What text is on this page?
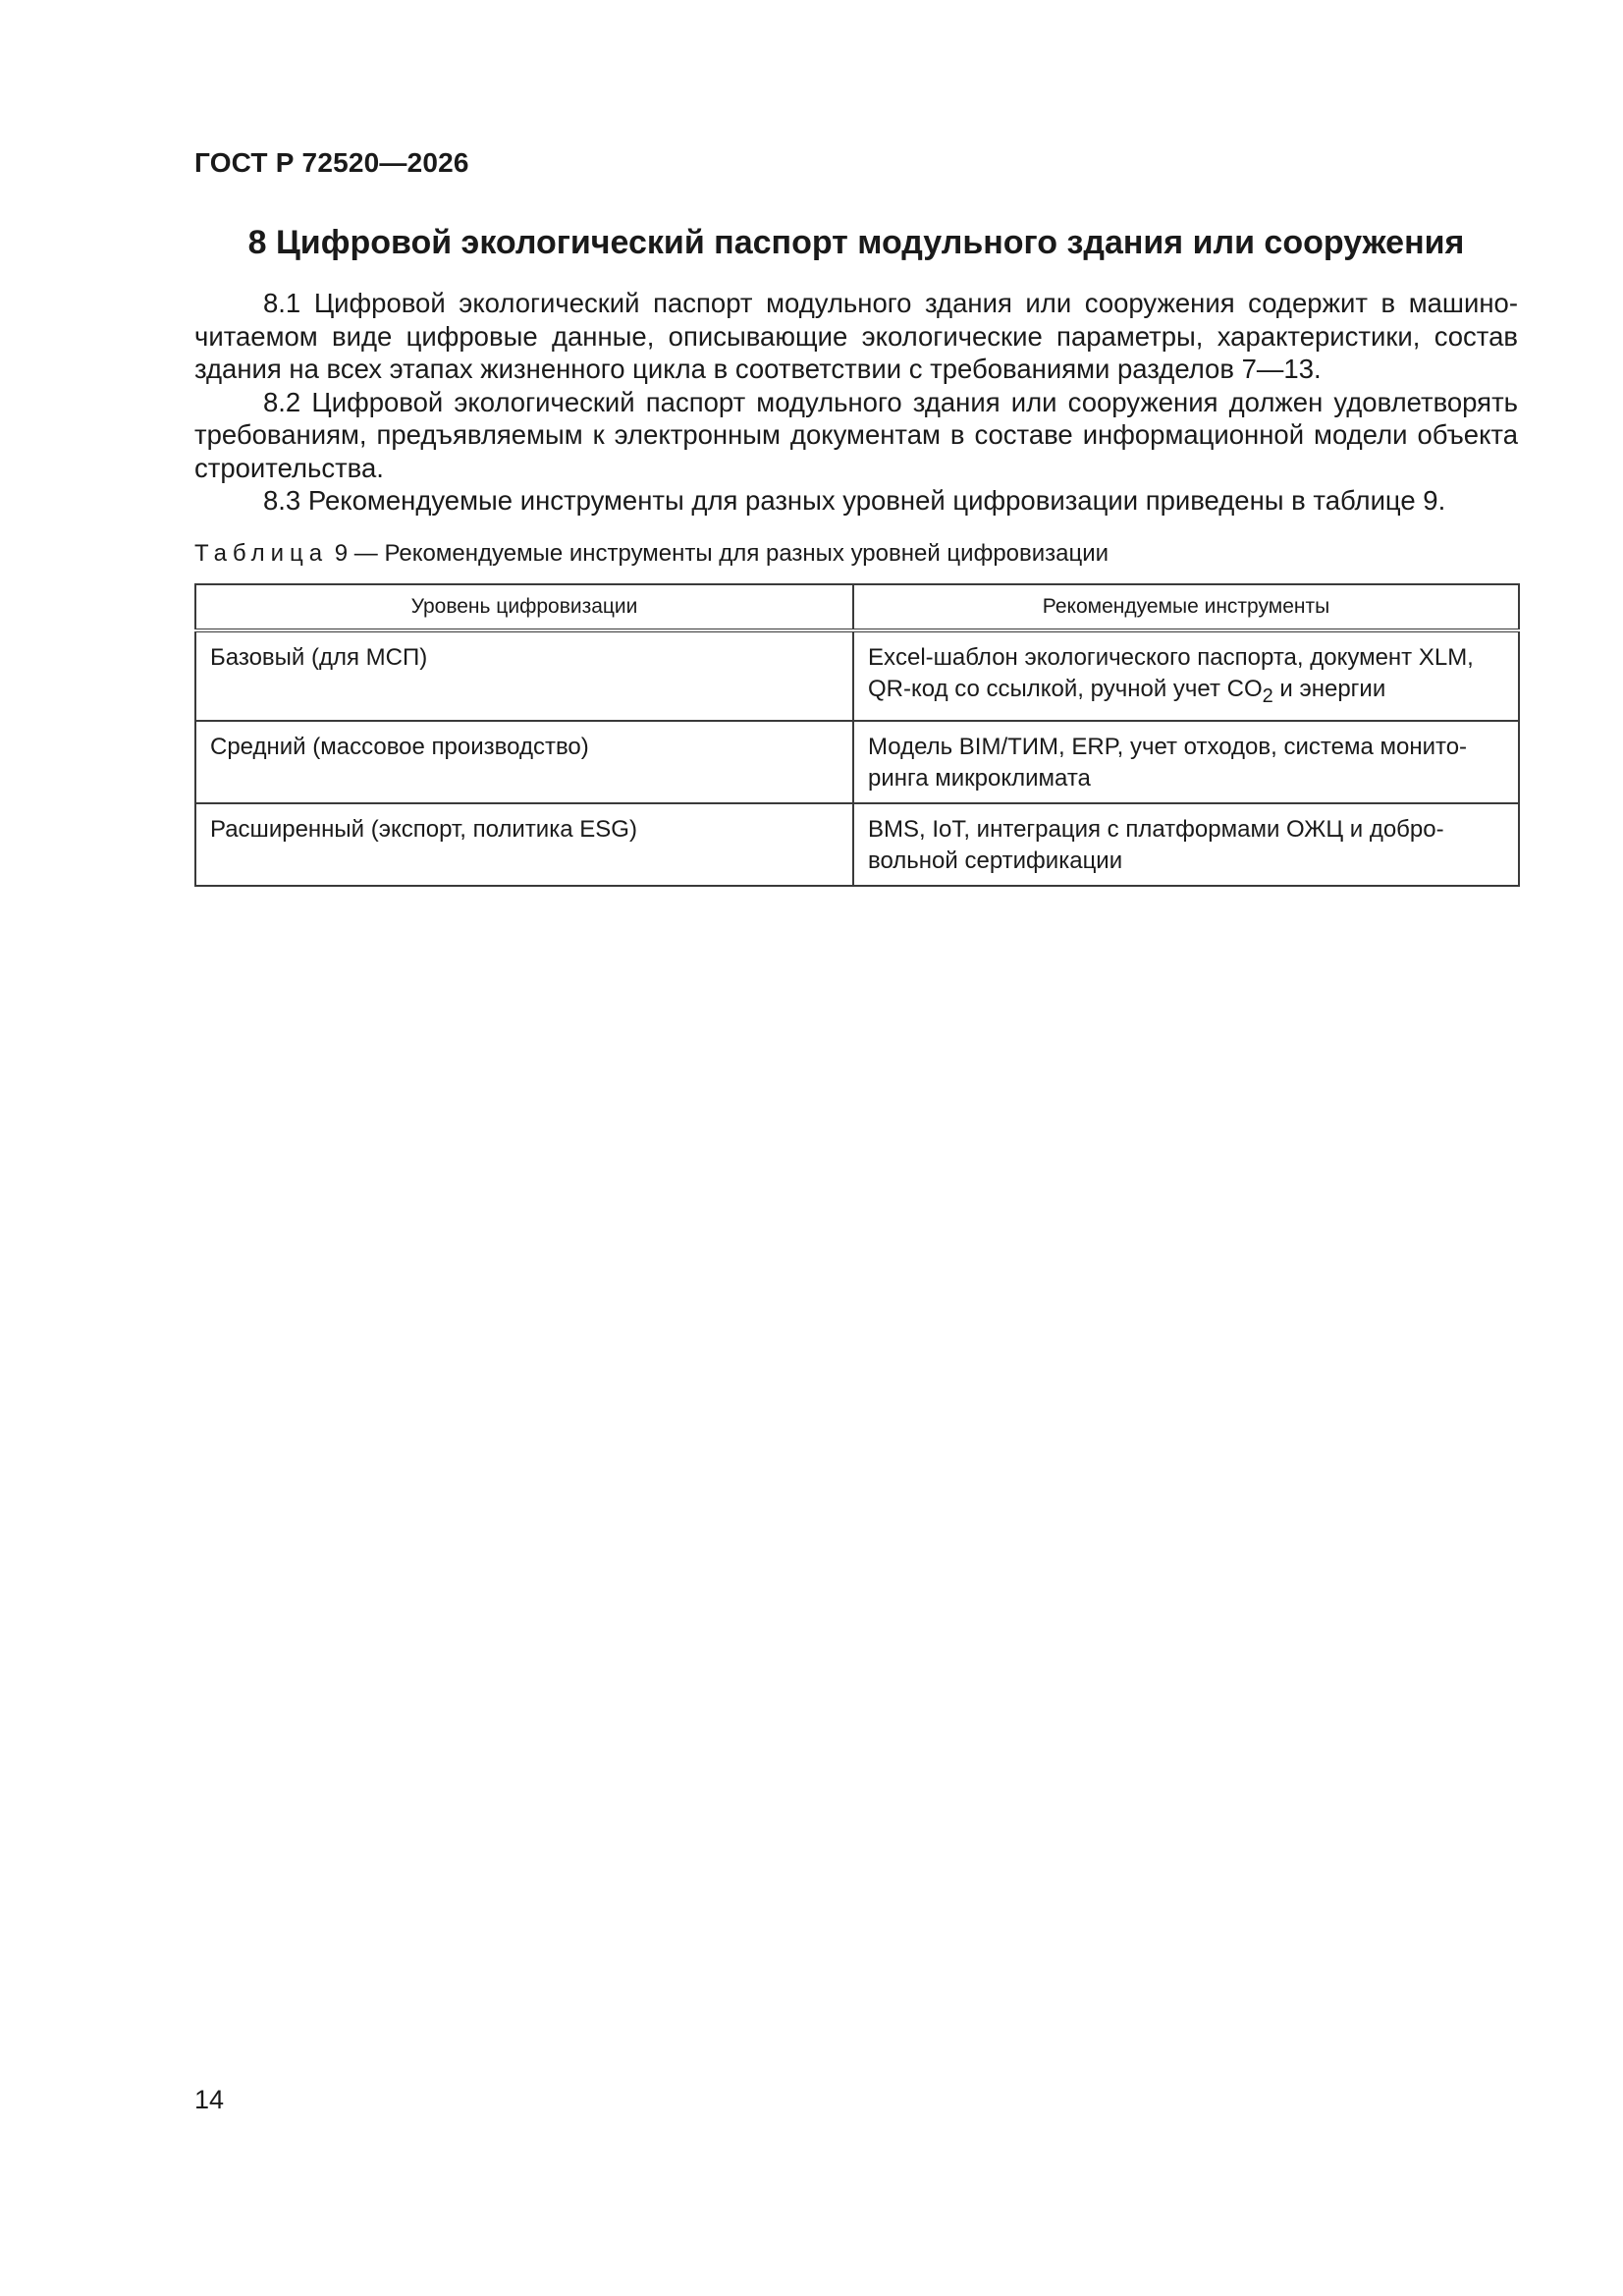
ГОСТ Р 72520—2026
8 Цифровой экологический паспорт модульного здания или сооружения

8.1 Цифровой экологический паспорт модульного здания или сооружения содержит в машиночитаемом виде цифровые данные, описывающие экологические параметры, характеристики, состав здания на всех этапах жизненного цикла в соответствии с требованиями разделов 7—13.

8.2 Цифровой экологический паспорт модульного здания или сооружения должен удовлетворять требованиям, предъявляемым к электронным документам в составе информационной модели объекта строительства.

8.3 Рекомендуемые инструменты для разных уровней цифровизации приведены в таблице 9.

Таблица 9 — Рекомендуемые инструменты для разных уровней цифровизации
Уровень цифровизации	Рекомендуемые инструменты
Базовый (для МСП)	Excel-шаблон экологического паспорта, документ XLM, QR-код со ссылкой, ручной учет $CO_2$ и энергии
Средний (массовое производство)	Модель BIM/ТИМ, ERP, учет отходов, система мониторинга микроклимата
Расширенный (экспорт, политика ESG)	BMS, IoT, интеграция с платформами ОЖЦ и добровольной сертификации
14
